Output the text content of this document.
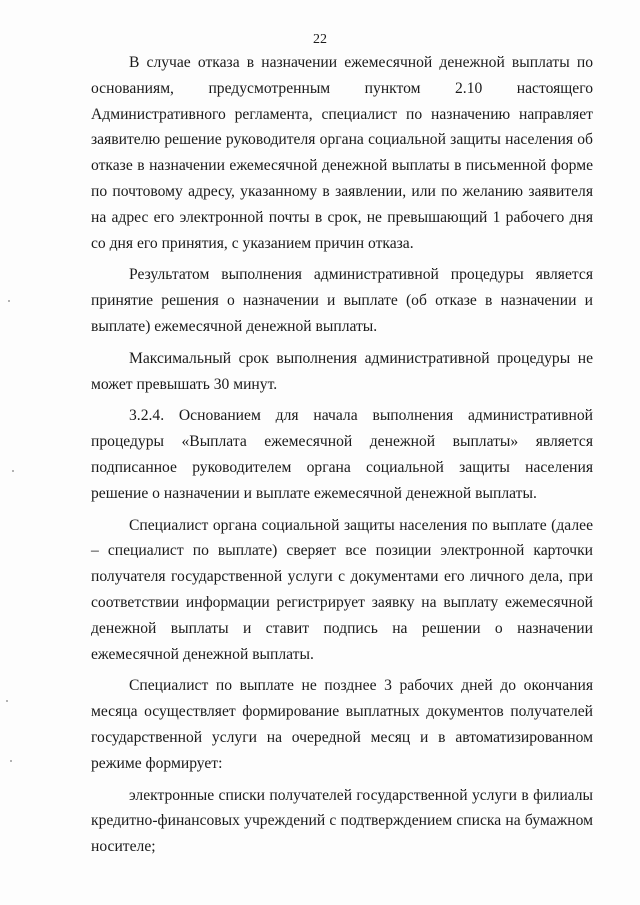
22

В случае отказа в назначении ежемесячной денежной выплаты по основаниям, предусмотренным пунктом 2.10 настоящего Административного регламента, специалист по назначению направляет заявителю решение руководителя органа социальной защиты населения об отказе в назначении ежемесячной денежной выплаты в письменной форме по почтовому адресу, указанному в заявлении, или по желанию заявителя на адрес его электронной почты в срок, не превышающий 1 рабочего дня со дня его принятия, с указанием причин отказа.

Результатом выполнения административной процедуры является принятие решения о назначении и выплате (об отказе в назначении и выплате) ежемесячной денежной выплаты.

Максимальный срок выполнения административной процедуры не может превышать 30 минут.

3.2.4. Основанием для начала выполнения административной процедуры «Выплата ежемесячной денежной выплаты» является подписанное руководителем органа социальной защиты населения решение о назначении и выплате ежемесячной денежной выплаты.

Специалист органа социальной защиты населения по выплате (далее – специалист по выплате) сверяет все позиции электронной карточки получателя государственной услуги с документами его личного дела, при соответствии информации регистрирует заявку на выплату ежемесячной денежной выплаты и ставит подпись на решении о назначении ежемесячной денежной выплаты.

Специалист по выплате не позднее 3 рабочих дней до окончания месяца осуществляет формирование выплатных документов получателей государственной услуги на очередной месяц и в автоматизированном режиме формирует:

электронные списки получателей государственной услуги в филиалы кредитно-финансовых учреждений с подтверждением списка на бумажном носителе;
